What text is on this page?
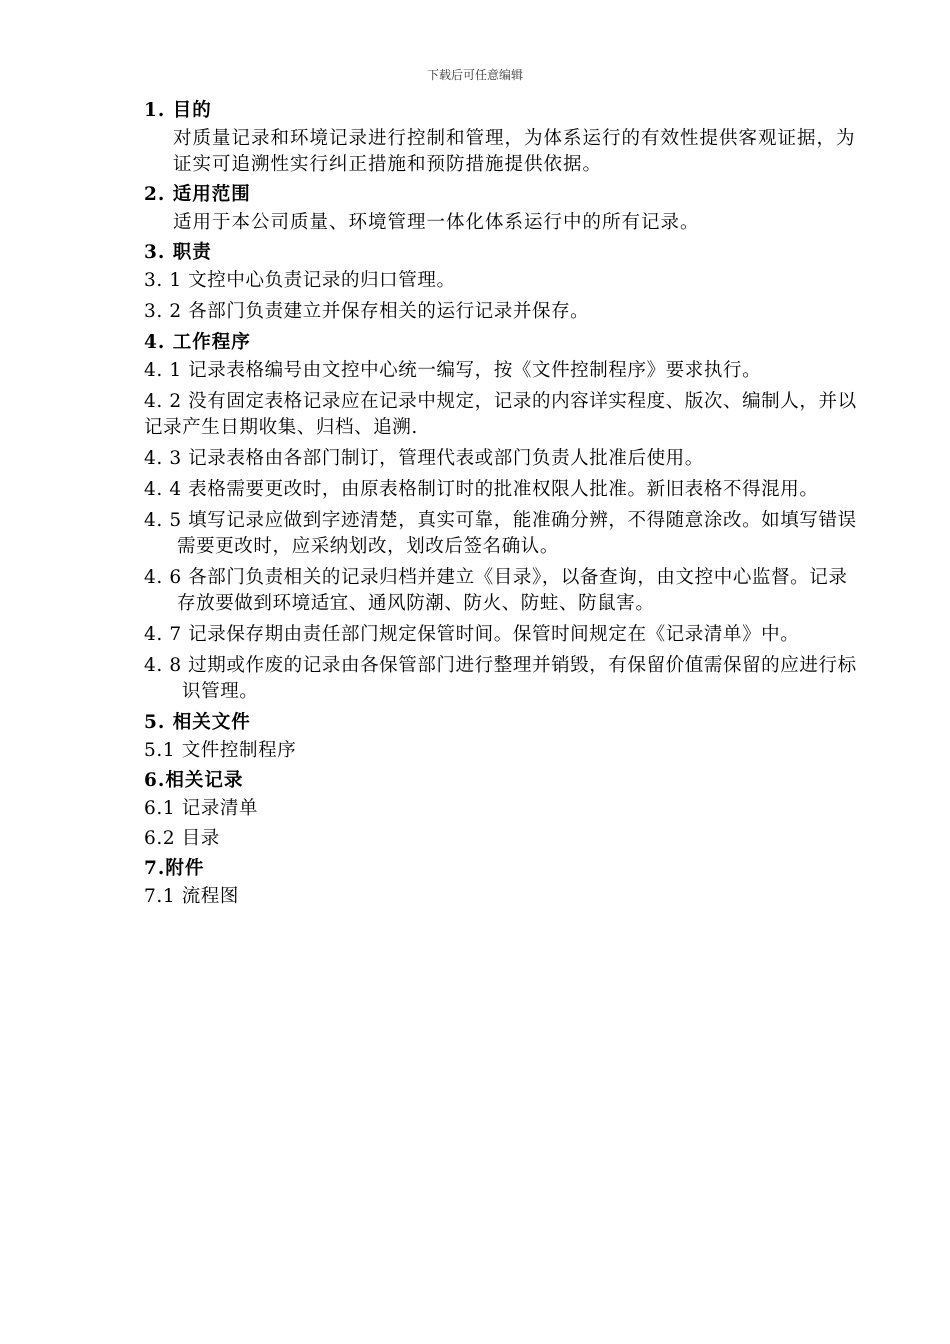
下载后可任意编辑
1. 目的
对质量记录和环境记录进行控制和管理，为体系运行的有效性提供客观证据，为证实可追溯性实行纠正措施和预防措施提供依据。
2. 适用范围
适用于本公司质量、环境管理一体化体系运行中的所有记录。
3. 职责
3. 1 文控中心负责记录的归口管理。
3. 2 各部门负责建立并保存相关的运行记录并保存。
4. 工作程序
4. 1 记录表格编号由文控中心统一编写，按《文件控制程序》要求执行。
4. 2 没有固定表格记录应在记录中规定，记录的内容详实程度、版次、编制人，并以记录产生日期收集、归档、追溯.
4. 3 记录表格由各部门制订，管理代表或部门负责人批准后使用。
4. 4 表格需要更改时，由原表格制订时的批准权限人批准。新旧表格不得混用。
4. 5 填写记录应做到字迹清楚，真实可靠，能准确分辨，不得随意涂改。如填写错误需要更改时，应采纳划改，划改后签名确认。
4. 6 各部门负责相关的记录归档并建立《目录》，以备查询，由文控中心监督。记录存放要做到环境适宜、通风防潮、防火、防蛀、防鼠害。
4. 7 记录保存期由责任部门规定保管时间。保管时间规定在《记录清单》中。
4. 8 过期或作废的记录由各保管部门进行整理并销毁，有保留价值需保留的应进行标识管理。
5. 相关文件
5.1 文件控制程序
6.相关记录
6.1 记录清单
6.2 目录
7.附件
7.1 流程图
